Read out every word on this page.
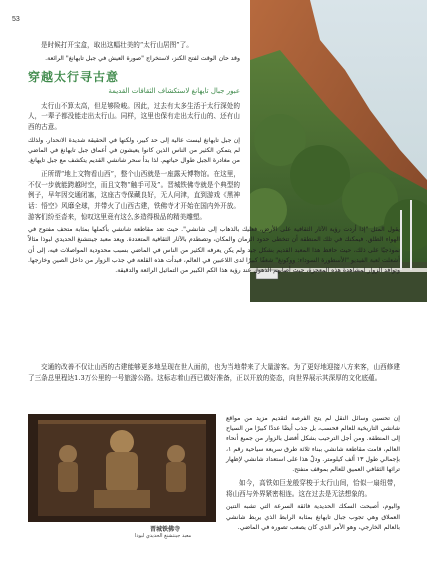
53

是时候打开宝盒，取出这幅壮美的“太行山居图”了。

وقد حان الوقت لفتح الكنز، لاستخراج "صورة العيش في جبل تايهانغ" الرائعة.

穿越太行寻古意
عبور جبال تايهانغ لاستكشاف الثقافات القديمة

太行山不算太高，但足够险峻。因此，过去有太多生活于太行深处的人，一辈子都没能走出太行山。同样，这里也保有走出太行山的、还有山西的古意。

إن جبل تايهانغ ليست عالية إلى حد كبير، ولكنها في الحقيقة شديدة الانحدار. ولذلك لم يتمكن الكثير من الناس الذين كانوا يعيشون في أعماق جبل تايهانغ في الماضي من مغادرة الجبل طوال حياتهم. لذا بدأ سحر شانشي القديم يتكشف مع جبل تايهانغ.

正所谓“地上文物看山西”，整个山西就是一座露天博物馆。在这里，不仅一步就能跨越时空，而且文物“触手可及”。晋城铁佛寺就是个典型的例子，早年因交通闭塞，这座古寺保藏良好，无人问津，直到游戏《黑神话：悟空》风靡全球，并带火了山西古建，铁佛寺才开始在国内外开放。游客们纷至沓来，惊叹这里竟有这么多造得极品的精美雕塑。

يقول المثل "إذا أردت رؤية الآثار الثقافية على الأرض، فعليك بالذهاب إلى شانشي". حيث تعد مقاطعة شانشي بأكملها بمثابة متحف مفتوح في الهواء الطلق. فيمكنك في تلك المنطقة أن تتخطى حدود الزمان والمكان، وتصطدم بالآثار الثقافية المتعددة. ويعد معبد جينتشنغ الحديدي لبوذا مثالاً نموذجيًا على ذلك، حيث حافظ هذا المعبد القديم بشكل جيد ولم يكن يعرفه الكثير من الناس في الماضي بسبب محدودية المواصلات فيه، إلى أن أشعلت لعبة الفيديو "الأسطورة السوداء: ووكونغ" شغفًا كبيرًا لدى اللاعبين في العالم، فبدأت هذه القلعة في جذب الزوار من داخل الصين وخارجها. وتوافد الزوار لمشاهدة هذه المعجزة، حيث أصابهم الذهول عند رؤية هذا الكم الكبير من التماثيل الرائعة والدقيقة.

交通的改善不仅让山西的古建能够更多地呈现在世人面前，也为当地带来了大量游客。为了更好地迎接八方来客，山西修建了三条总里程达1.3万公里的一号旅游公路。这标志着山西已做好准备，正以开放的姿态，向世界展示其深厚的文化底蕴。

晋城铁佛寺
معبد جينتشنغ الحديدي لبوذا

إن تحسين وسائل النقل لم يتح الفرصة لتقديم مزيد من مواقع شانشي التاريخية للعالم فحسب، بل جذب أيضًا عددًا كبيرًا من السياح إلى المنطقة. ومن أجل الترحيب بشكل أفضل بالزوار من جميع أنحاء العالم، قامت مقاطعة شانشي ببناء ثلاثة طرق سريعة سياحية رقم ١، بإجمالي طول ١٣ ألف كيلومتر. ودلّ هذا على استعداد شانشي لإظهار تراثها الثقافي العميق للعالم بموقف منفتح.

如今，高铁如巨龙般穿梭于太行山间，恰似一扇纽带，将山西与外界紧密相连。这在过去是无法想象的。

واليوم، أصبحت السكك الحديدية فائقة السرعة التي تشبه التنين العملاق وهي تجوب جبال تايهانغ بمثابة الرابط الذي يربط شانشي بالعالم الخارجي، وهو الأمر الذي كان يصعب تصوره في الماضي.
